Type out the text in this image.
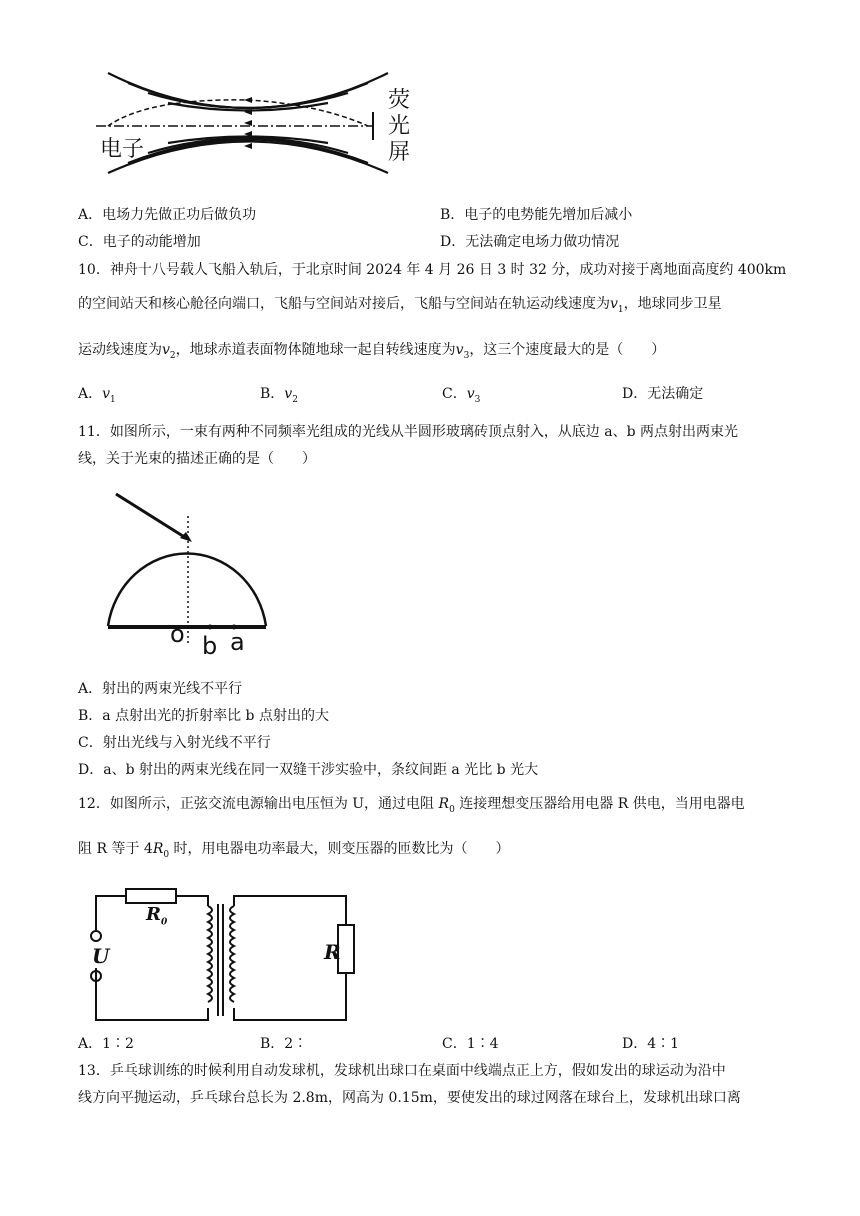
电子
荧
光
屏
A．电场力先做正功后做负功	B．电子的电势能先增加后减小
C．电子的动能增加	D．无法确定电场力做功情况
10．神舟十八号载人飞船入轨后，于北京时间 2024 年 4 月 26 日 3 时 32 分，成功对接于离地面高度约 400km
的空间站天和核心舱径向端口，飞船与空间站对接后，飞船与空间站在轨运动线速度为$v_1$，地球同步卫星
运动线速度为$v_2$，地球赤道表面物体随地球一起自转线速度为$v_3$，这三个速度最大的是（　　）
A．$v_1$	B．$v_2$	C．$v_3$	D．无法确定
11．如图所示，一束有两种不同频率光组成的光线从半圆形玻璃砖顶点射入，从底边 a、b 两点射出两束光
线，关于光束的描述正确的是（　　）
o b a
A．射出的两束光线不平行
B．a 点射出光的折射率比 b 点射出的大
C．射出光线与入射光线不平行
D．a、b 射出的两束光线在同一双缝干涉实验中，条纹间距 a 光比 b 光大
12．如图所示，正弦交流电源输出电压恒为 U，通过电阻 $R_0$ 连接理想变压器给用电器 R 供电，当用电器电
阻 R 等于 $4R_0$ 时，用电器电功率最大，则变压器的匝数比为（　　）
$R_0$
U	R
A．1∶2	B．2∶	C．1∶4	D．4∶1
13．乒乓球训练的时候利用自动发球机，发球机出球口在桌面中线端点正上方，假如发出的球运动为沿中
线方向平抛运动，乒乓球台总长为 2.8m，网高为 0.15m，要使发出的球过网落在球台上，发球机出球口离
